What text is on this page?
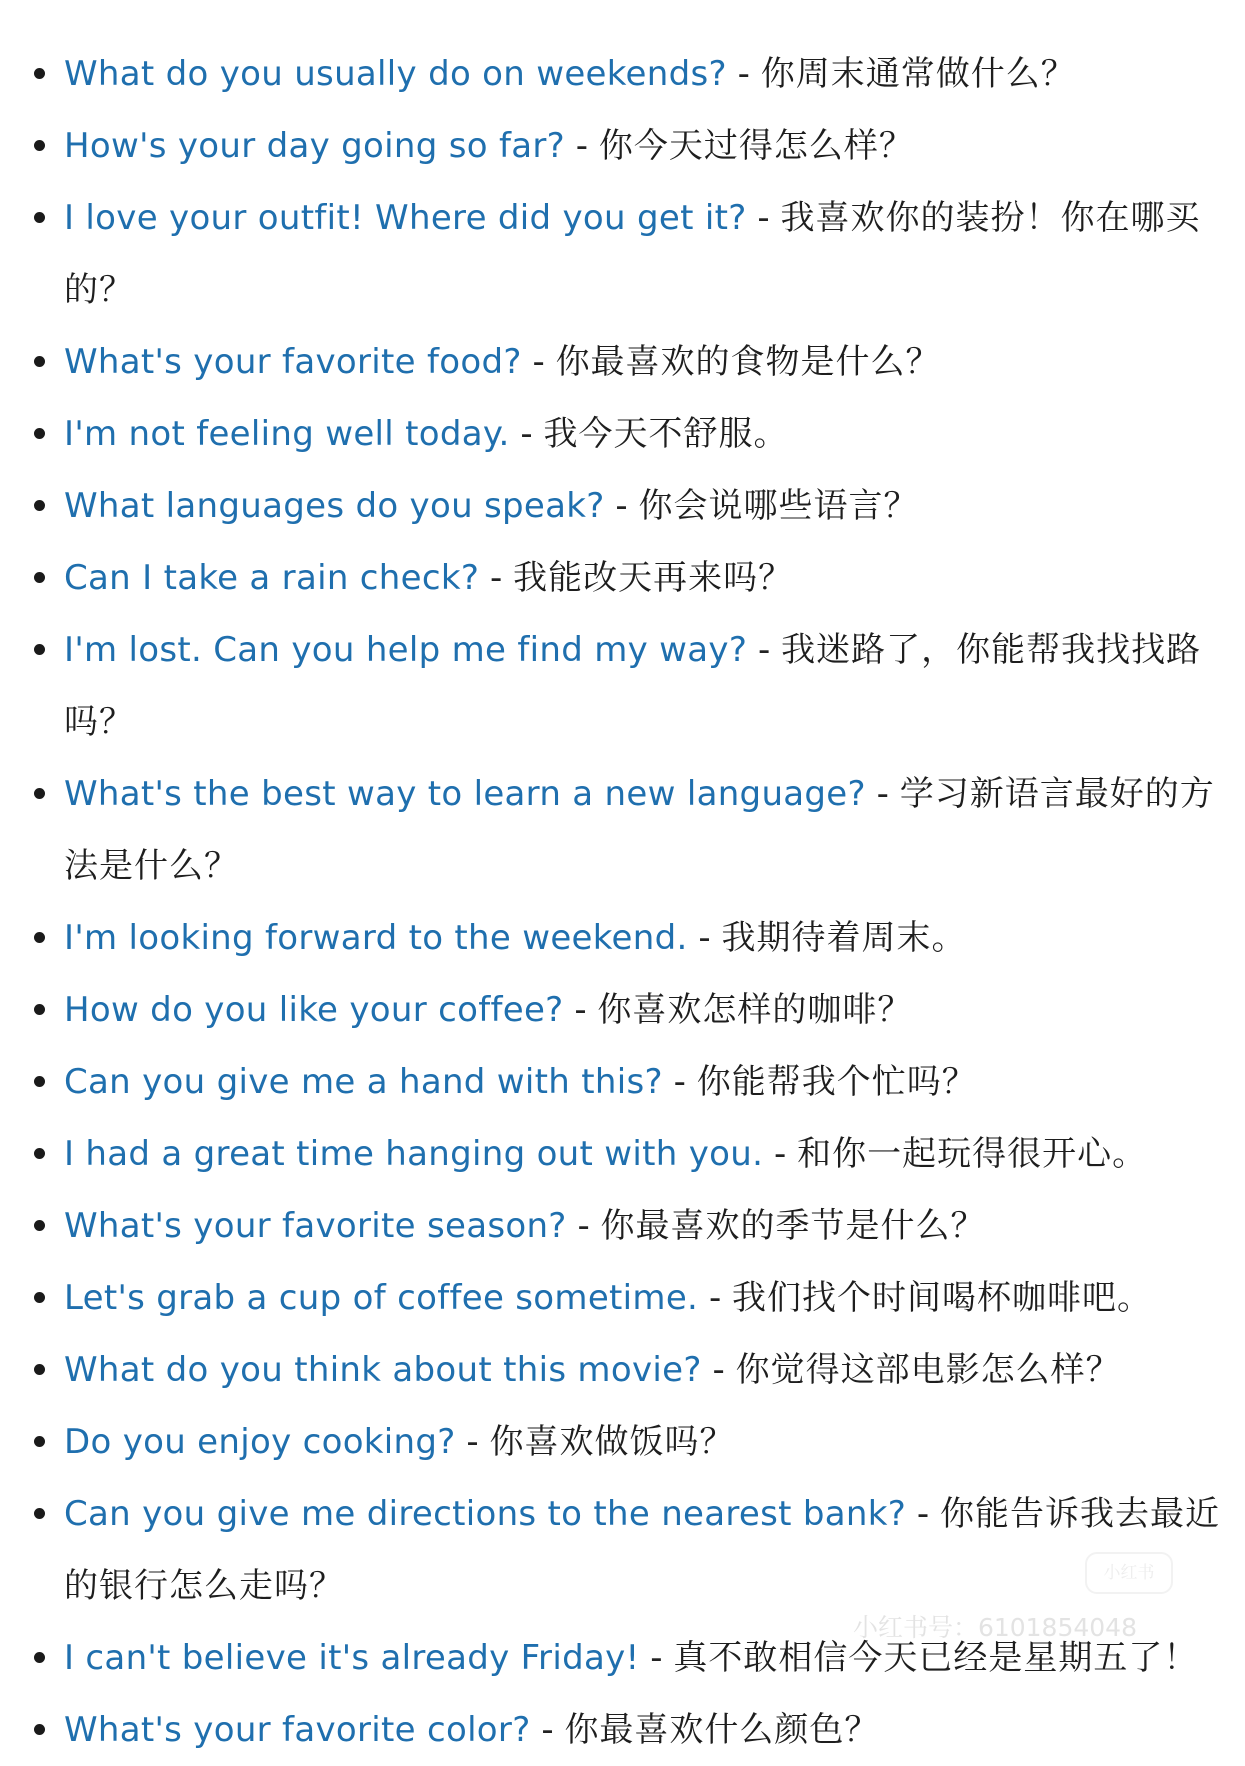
What do you usually do on weekends? - 你周末通常做什么？
How's your day going so far? - 你今天过得怎么样？
I love your outfit! Where did you get it? - 我喜欢你的装扮！你在哪买的？
What's your favorite food? - 你最喜欢的食物是什么？
I'm not feeling well today. - 我今天不舒服。
What languages do you speak? - 你会说哪些语言？
Can I take a rain check? - 我能改天再来吗？
I'm lost. Can you help me find my way? - 我迷路了，你能帮我找找路吗？
What's the best way to learn a new language? - 学习新语言最好的方法是什么？
I'm looking forward to the weekend. - 我期待着周末。
How do you like your coffee? - 你喜欢怎样的咖啡？
Can you give me a hand with this? - 你能帮我个忙吗？
I had a great time hanging out with you. - 和你一起玩得很开心。
What's your favorite season? - 你最喜欢的季节是什么？
Let's grab a cup of coffee sometime. - 我们找个时间喝杯咖啡吧。
What do you think about this movie? - 你觉得这部电影怎么样？
Do you enjoy cooking? - 你喜欢做饭吗？
Can you give me directions to the nearest bank? - 你能告诉我去最近的银行怎么走吗？
I can't believe it's already Friday! - 真不敢相信今天已经是星期五了！
What's your favorite color? - 你最喜欢什么颜色？
小红书
小红书号：6101854048
